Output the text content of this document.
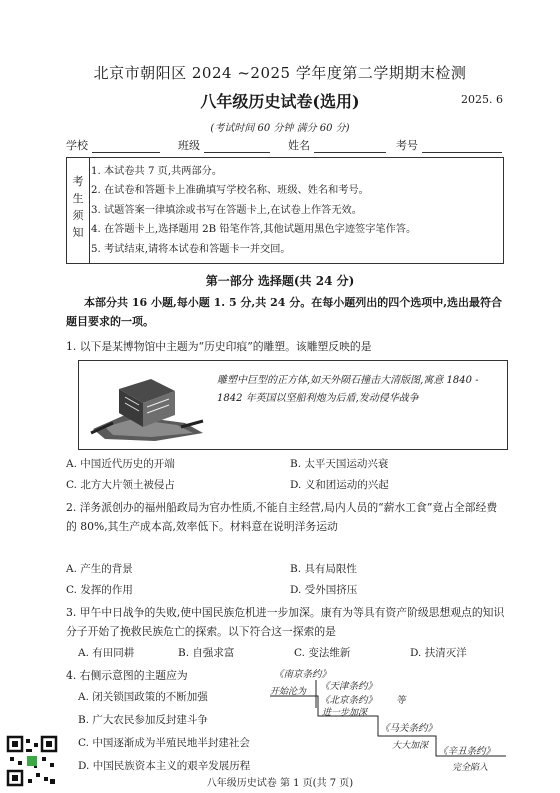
北京市朝阳区 2024 ~2025 学年度第二学期期末检测
八年级历史试卷(选用)	2025. 6
(考试时间 60 分钟 满分 60 分)
学校	班级	姓名	考号
考
生
须
知
1. 本试卷共 7 页,共两部分。
2. 在试卷和答题卡上准确填写学校名称、班级、姓名和考号。
3. 试题答案一律填涂或书写在答题卡上,在试卷上作答无效。
4. 在答题卡上,选择题用 2B 铅笔作答,其他试题用黑色字迹签字笔作答。
5. 考试结束,请将本试卷和答题卡一并交回。
第一部分 选择题(共 24 分)
本部分共 16 小题,每小题 1. 5 分,共 24 分。在每小题列出的四个选项中,选出最符合题目要求的一项。
1. 以下是某博物馆中主题为“历史印痕”的雕塑。该雕塑反映的是
雕塑中巨型的正方体,如天外陨石撞击大清版图,寓意 1840 - 1842 年英国以坚船利炮为后盾,发动侵华战争
A. 中国近代历史的开端	B. 太平天国运动兴衰
C. 北方大片领土被侵占	D. 义和团运动的兴起
2. 洋务派创办的福州船政局为官办性质,不能自主经营,局内人员的“薪水工食”竟占全部经费的 80%,其生产成本高,效率低下。材料意在说明洋务运动
A. 产生的背景	B. 具有局限性
C. 发挥的作用	D. 受外国挤压
3. 甲午中日战争的失败,使中国民族危机进一步加深。康有为等具有资产阶级思想观点的知识分子开始了挽救民族危亡的探索。以下符合这一探索的是
A. 有田同耕	B. 自强求富	C. 变法维新	D. 扶清灭洋
4. 右侧示意图的主题应为
A. 闭关锁国政策的不断加强
B. 广大农民参加反封建斗争
C. 中国逐渐成为半殖民地半封建社会
D. 中国民族资本主义的艰辛发展历程
《南京条约》
开始沦为 《天津条约》
《北京条约》 等
进一步加深
《马关条约》
大大加深 《辛丑条约》
完全陷入
八年级历史试卷 第 1 页(共 7 页)
